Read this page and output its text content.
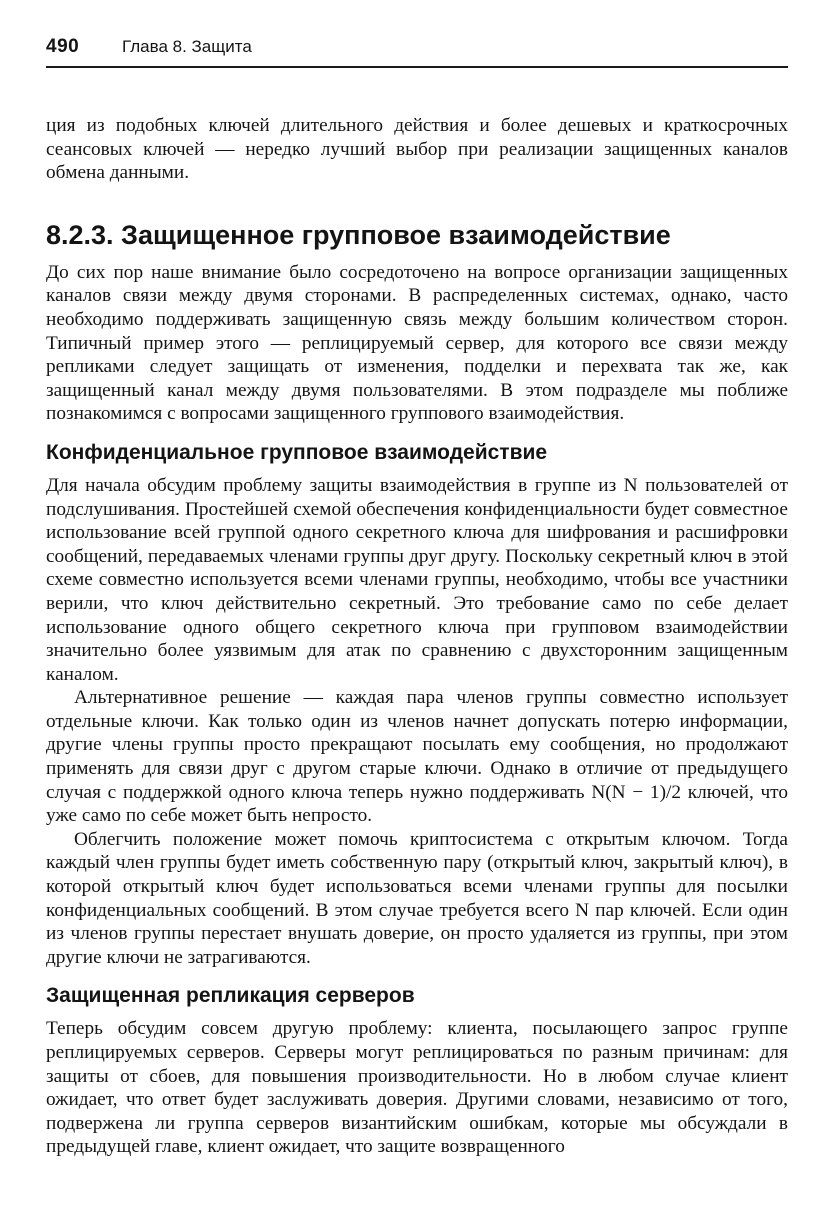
490	Глава 8. Защита

ция из подобных ключей длительного действия и более дешевых и краткосрочных сеансовых ключей — нередко лучший выбор при реализации защищенных каналов обмена данными.

8.2.3. Защищенное групповое взаимодействие

До сих пор наше внимание было сосредоточено на вопросе организации защищенных каналов связи между двумя сторонами. В распределенных системах, однако, часто необходимо поддерживать защищенную связь между большим количеством сторон. Типичный пример этого — реплицируемый сервер, для которого все связи между репликами следует защищать от изменения, подделки и перехвата так же, как защищенный канал между двумя пользователями. В этом подразделе мы поближе познакомимся с вопросами защищенного группового взаимодействия.

Конфиденциальное групповое взаимодействие

Для начала обсудим проблему защиты взаимодействия в группе из N пользователей от подслушивания. Простейшей схемой обеспечения конфиденциальности будет совместное использование всей группой одного секретного ключа для шифрования и расшифровки сообщений, передаваемых членами группы друг другу. Поскольку секретный ключ в этой схеме совместно используется всеми членами группы, необходимо, чтобы все участники верили, что ключ действительно секретный. Это требование само по себе делает использование одного общего секретного ключа при групповом взаимодействии значительно более уязвимым для атак по сравнению с двухсторонним защищенным каналом.

Альтернативное решение — каждая пара членов группы совместно использует отдельные ключи. Как только один из членов начнет допускать потерю информации, другие члены группы просто прекращают посылать ему сообщения, но продолжают применять для связи друг с другом старые ключи. Однако в отличие от предыдущего случая с поддержкой одного ключа теперь нужно поддерживать N(N − 1)/2 ключей, что уже само по себе может быть непросто.

Облегчить положение может помочь криптосистема с открытым ключом. Тогда каждый член группы будет иметь собственную пару (открытый ключ, закрытый ключ), в которой открытый ключ будет использоваться всеми членами группы для посылки конфиденциальных сообщений. В этом случае требуется всего N пар ключей. Если один из членов группы перестает внушать доверие, он просто удаляется из группы, при этом другие ключи не затрагиваются.

Защищенная репликация серверов

Теперь обсудим совсем другую проблему: клиента, посылающего запрос группе реплицируемых серверов. Серверы могут реплицироваться по разным причинам: для защиты от сбоев, для повышения производительности. Но в любом случае клиент ожидает, что ответ будет заслуживать доверия. Другими словами, независимо от того, подвержена ли группа серверов византийским ошибкам, которые мы обсуждали в предыдущей главе, клиент ожидает, что защите возвращенного
